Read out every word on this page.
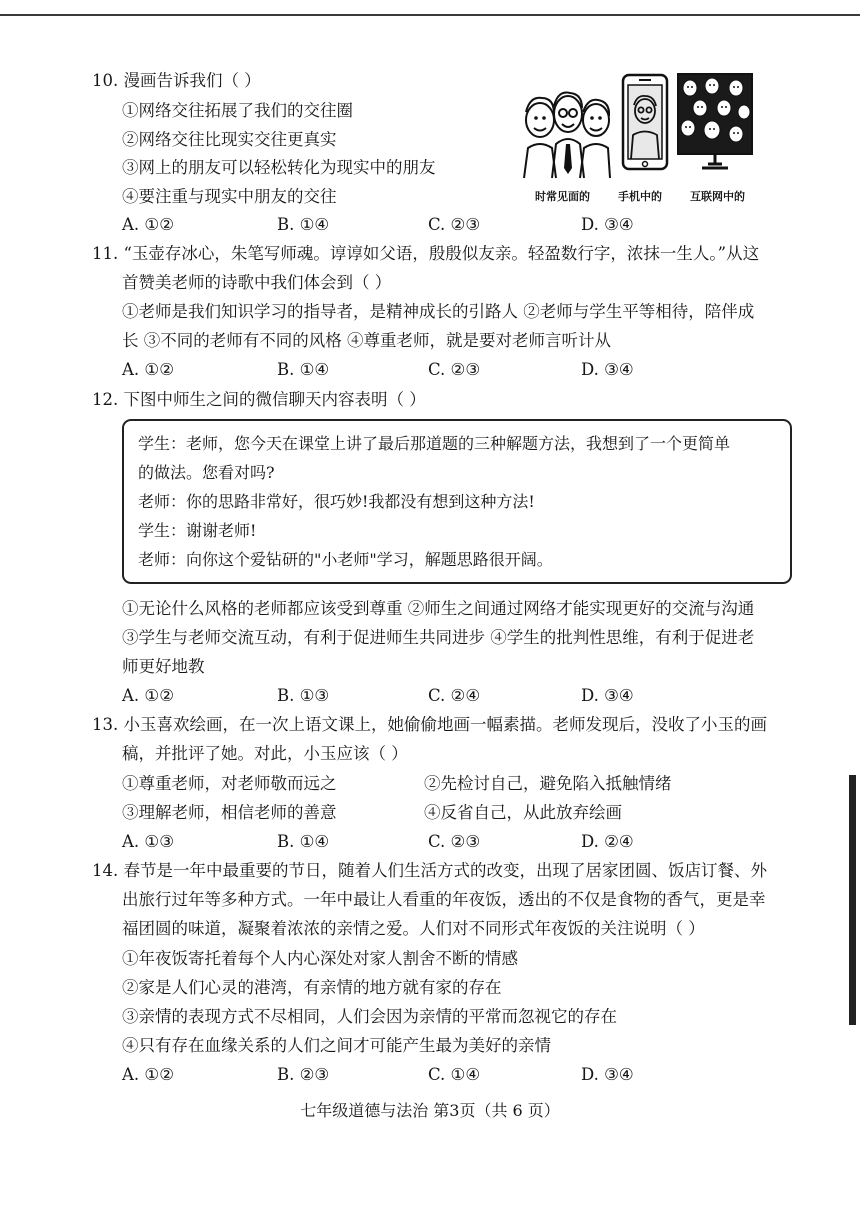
10. 漫画告诉我们（ ）
①网络交往拓展了我们的交往圈
②网络交往比现实交往更真实
③网上的朋友可以轻松转化为现实中的朋友
④要注重与现实中朋友的交往
A. ①②	B. ①④	C. ②③	D. ③④
时常见面的	手机中的	互联网中的
11. “玉壶存冰心，朱笔写师魂。谆谆如父语，殷殷似友亲。轻盈数行字，浓抹一生人。”从这
首赞美老师的诗歌中我们体会到（ ）
①老师是我们知识学习的指导者，是精神成长的引路人 ②老师与学生平等相待，陪伴成
长 ③不同的老师有不同的风格 ④尊重老师，就是要对老师言听计从
A. ①②	B. ①④	C. ②③	D. ③④
12. 下图中师生之间的微信聊天内容表明（ ）
学生：老师，您今天在课堂上讲了最后那道题的三种解题方法，我想到了一个更简单
的做法。您看对吗?
老师：你的思路非常好，很巧妙!我都没有想到这种方法!
学生：谢谢老师!
老师：向你这个爱钻研的"小老师"学习，解题思路很开阔。
①无论什么风格的老师都应该受到尊重 ②师生之间通过网络才能实现更好的交流与沟通
③学生与老师交流互动，有利于促进师生共同进步 ④学生的批判性思维，有利于促进老
师更好地教
A. ①②	B. ①③	C. ②④	D. ③④
13. 小玉喜欢绘画，在一次上语文课上，她偷偷地画一幅素描。老师发现后，没收了小玉的画
稿，并批评了她。对此，小玉应该（ ）
①尊重老师，对老师敬而远之	②先检讨自己，避免陷入抵触情绪
③理解老师，相信老师的善意	④反省自己，从此放弃绘画
A. ①③	B. ①④	C. ②③	D. ②④
14. 春节是一年中最重要的节日，随着人们生活方式的改变，出现了居家团圆、饭店订餐、外
出旅行过年等多种方式。一年中最让人看重的年夜饭，透出的不仅是食物的香气，更是幸
福团圆的味道，凝聚着浓浓的亲情之爱。人们对不同形式年夜饭的关注说明（ ）
①年夜饭寄托着每个人内心深处对家人割舍不断的情感
②家是人们心灵的港湾，有亲情的地方就有家的存在
③亲情的表现方式不尽相同，人们会因为亲情的平常而忽视它的存在
④只有存在血缘关系的人们之间才可能产生最为美好的亲情
A. ①②	B. ②③	C. ①④	D. ③④
七年级道德与法治 第3页（共 6 页）
